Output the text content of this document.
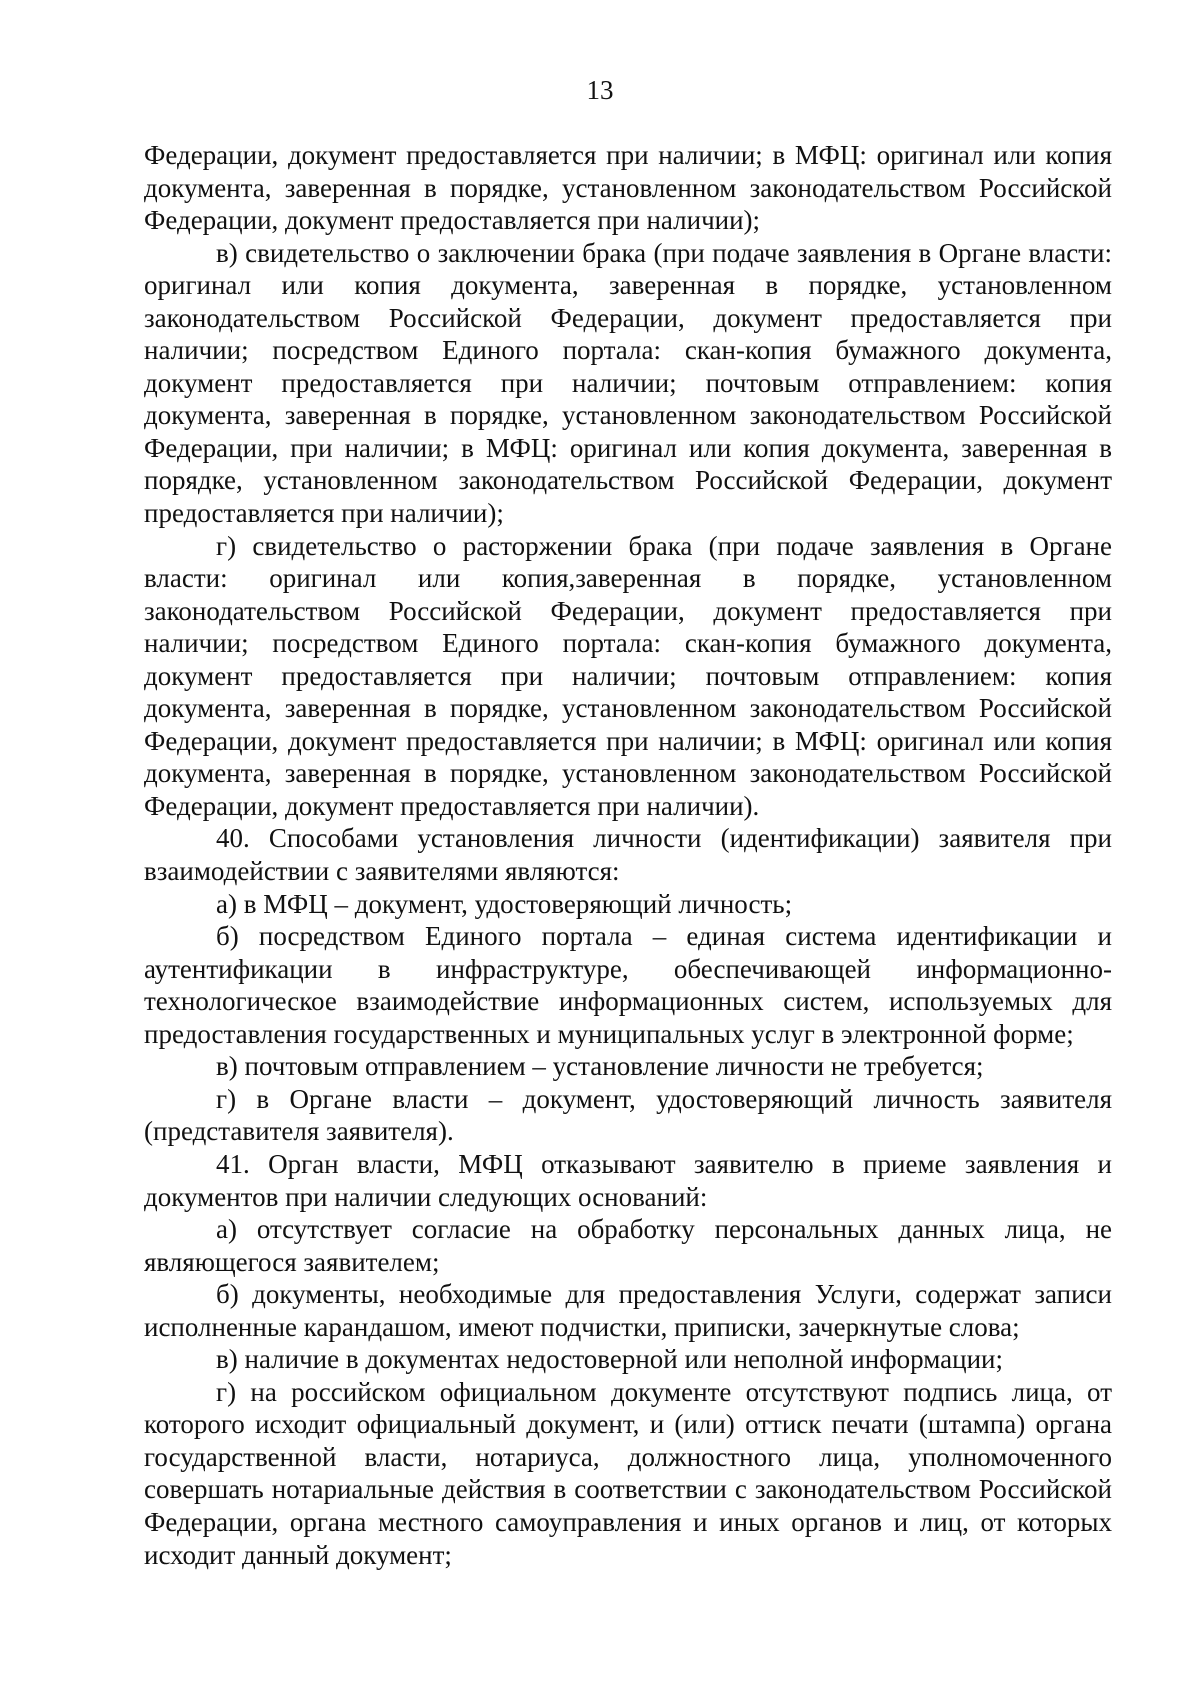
13

Федерации, документ предоставляется при наличии; в МФЦ: оригинал или копия документа, заверенная в порядке, установленном законодательством Российской Федерации, документ предоставляется при наличии);

в) свидетельство о заключении брака (при подаче заявления в Органе власти: оригинал или копия документа, заверенная в порядке, установленном законодательством Российской Федерации, документ предоставляется при наличии; посредством Единого портала: скан-копия бумажного документа, документ предоставляется при наличии; почтовым отправлением: копия документа, заверенная в порядке, установленном законодательством Российской Федерации, при наличии; в МФЦ: оригинал или копия документа, заверенная в порядке, установленном законодательством Российской Федерации, документ предоставляется при наличии);

г) свидетельство о расторжении брака (при подаче заявления в Органе власти: оригинал или копия,заверенная в порядке, установленном законодательством Российской Федерации, документ предоставляется при наличии; посредством Единого портала: скан-копия бумажного документа, документ предоставляется при наличии; почтовым отправлением: копия документа, заверенная в порядке, установленном законодательством Российской Федерации, документ предоставляется при наличии; в МФЦ: оригинал или копия документа, заверенная в порядке, установленном законодательством Российской Федерации, документ предоставляется при наличии).

40. Способами установления личности (идентификации) заявителя при взаимодействии с заявителями являются:

а) в МФЦ – документ, удостоверяющий личность;

б) посредством Единого портала – единая система идентификации и аутентификации в инфраструктуре, обеспечивающей информационно-технологическое взаимодействие информационных систем, используемых для предоставления государственных и муниципальных услуг в электронной форме;

в) почтовым отправлением – установление личности не требуется;

г) в Органе власти – документ, удостоверяющий личность заявителя (представителя заявителя).

41. Орган власти, МФЦ отказывают заявителю в приеме заявления и документов при наличии следующих оснований:

а) отсутствует согласие на обработку персональных данных лица, не являющегося заявителем;

б) документы, необходимые для предоставления Услуги, содержат записи исполненные карандашом, имеют подчистки, приписки, зачеркнутые слова;

в) наличие в документах недостоверной или неполной информации;

г) на российском официальном документе отсутствуют подпись лица, от которого исходит официальный документ, и (или) оттиск печати (штампа) органа государственной власти, нотариуса, должностного лица, уполномоченного совершать нотариальные действия в соответствии с законодательством Российской Федерации, органа местного самоуправления и иных органов и лиц, от которых исходит данный документ;
